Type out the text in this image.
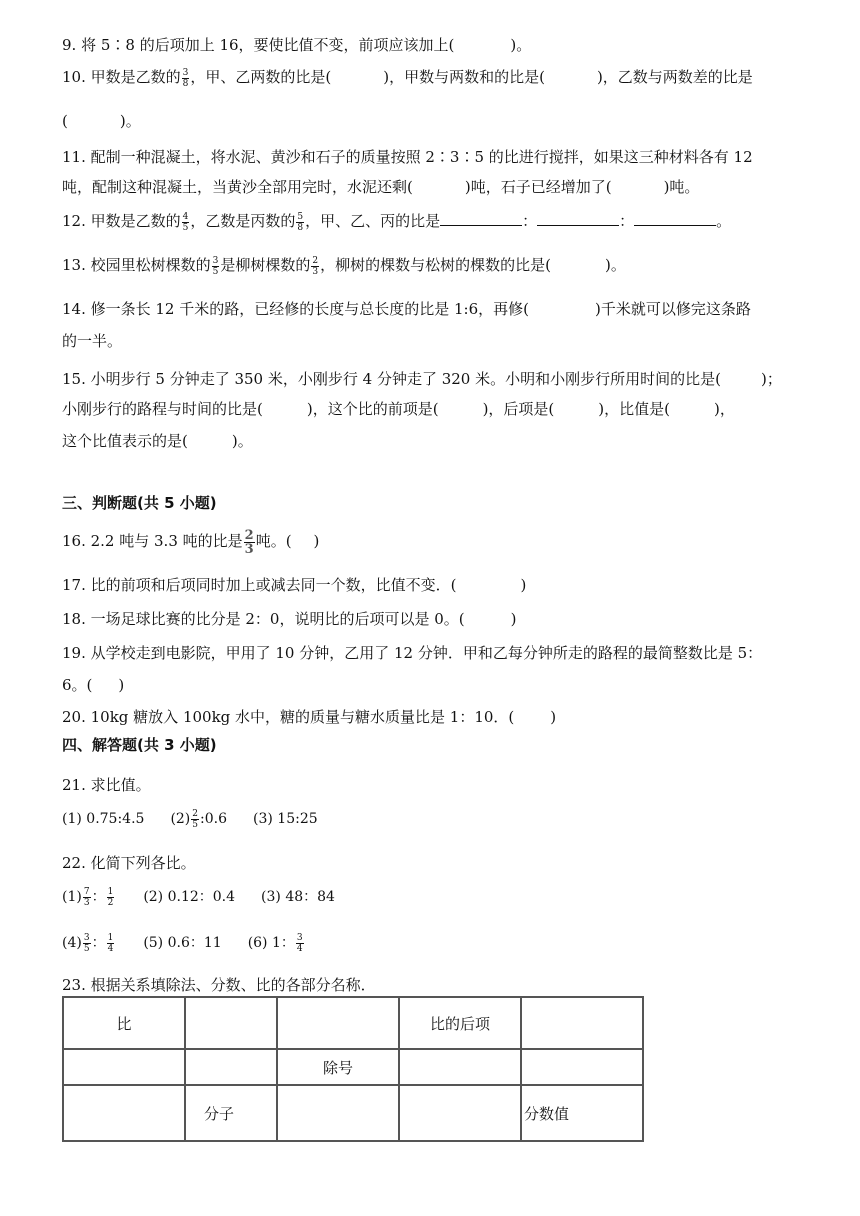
9. 将 5∶8 的后项加上 16，要使比值不变，前项应该加上(	)。

10. 甲数是乙数的 $\frac{3}{8}$ ，甲、乙两数的比是(	)，甲数与两数和的比是(	)，乙数与两数差的比是

(	)。

11. 配制一种混凝土，将水泥、黄沙和石子的质量按照 2∶3∶5 的比进行搅拌，如果这三种材料各有 12

吨，配制这种混凝土，当黄沙全部用完时，水泥还剩(	)吨，石子已经增加了(	)吨。

12. 甲数是乙数的 $\frac{4}{5}$ ，乙数是丙数的 $\frac{5}{8}$ ，甲、乙、丙的比是	：	：	。

13. 校园里松树棵数的 $\frac{3}{5}$ 是柳树棵数的 $\frac{2}{3}$ ，柳树的棵数与松树的棵数的比是(	)。

14. 修一条长 12 千米的路，已经修的长度与总长度的比是 1:6，再修(	)千米就可以修完这条路

的一半。

15. 小明步行 5 分钟走了 350 米，小刚步行 4 分钟走了 320 米。小明和小刚步行所用时间的比是(	)；

小刚步行的路程与时间的比是(	)，这个比的前项是(	)，后项是(	)，比值是(	)，

这个比值表示的是(	)。

三、判断题(共 5 小题)

16. 2.2 吨与 3.3 吨的比是 $\frac{2}{3}$ 吨。( )

17. 比的前项和后项同时加上或减去同一个数，比值不变．(	)

18. 一场足球比赛的比分是 2：0，说明比的后项可以是 0。(	)

19. 从学校走到电影院，甲用了 10 分钟，乙用了 12 分钟．甲和乙每分钟所走的路程的最简整数比是 5：

6。( )

20. 10kg 糖放入 100kg 水中，糖的质量与糖水质量比是 1：10．( )

四、解答题(共 3 小题)

21. 求比值。

(1) 0.75:4.5 $(2) \frac{2}{5}$ :0.6 (3) 15:25

22. 化简下列各比。

$(1) \frac{7}{3}$ ： $\frac{1}{2} (2)$ 0.12：0.4 (3) 48：84

$(4) \frac{3}{5}$ ： $\frac{1}{4} (5)$ 0.6：11 (6) 1： $\frac{3}{4}$

23. 根据关系填除法、分数、比的各部分名称．

比			比的后项	
		除号		
	分子			分数值
